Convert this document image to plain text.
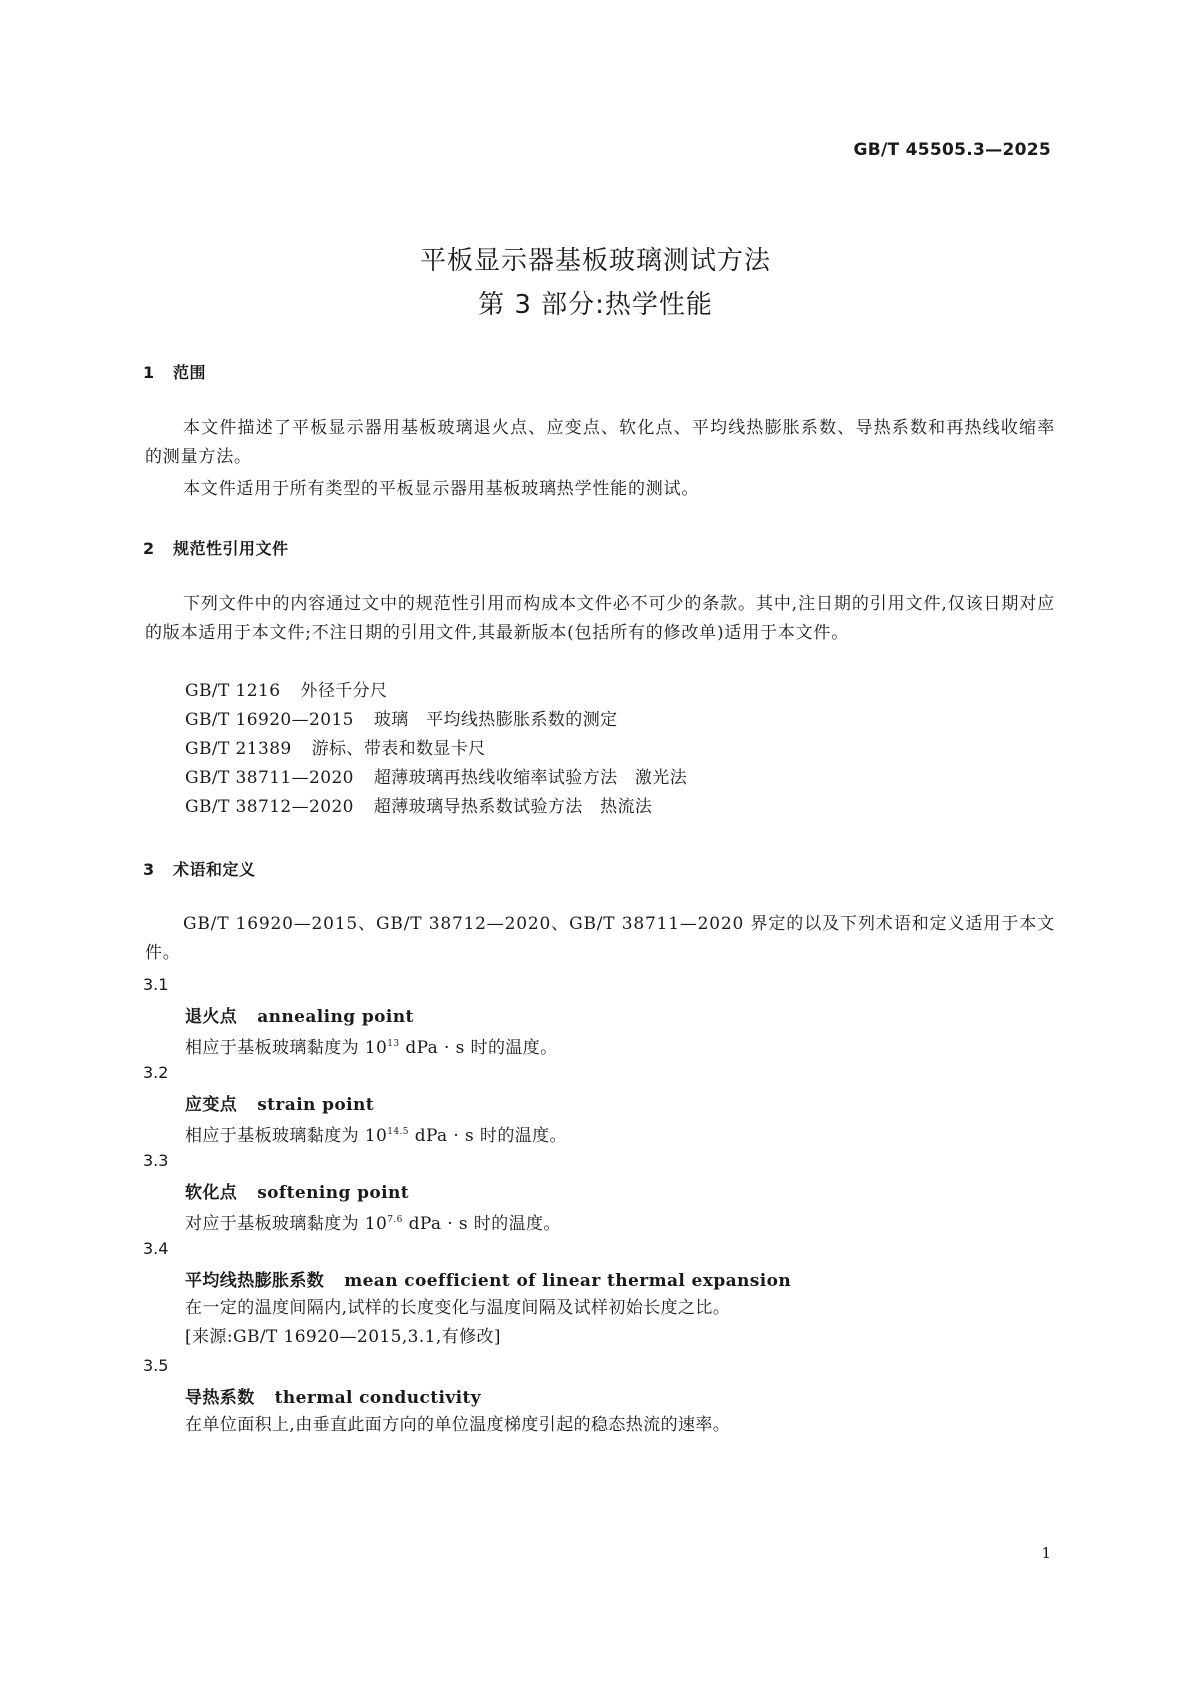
GB/T 45505.3—2025
平板显示器基板玻璃测试方法
第 3 部分:热学性能
1 范围
本文件描述了平板显示器用基板玻璃退火点、应变点、软化点、平均线热膨胀系数、导热系数和再热线收缩率的测量方法。
本文件适用于所有类型的平板显示器用基板玻璃热学性能的测试。
2 规范性引用文件
下列文件中的内容通过文中的规范性引用而构成本文件必不可少的条款。其中,注日期的引用文件,仅该日期对应的版本适用于本文件;不注日期的引用文件,其最新版本(包括所有的修改单)适用于本文件。
GB/T 1216 外径千分尺
GB/T 16920—2015 玻璃　平均线热膨胀系数的测定
GB/T 21389 游标、带表和数显卡尺
GB/T 38711—2020 超薄玻璃再热线收缩率试验方法　激光法
GB/T 38712—2020 超薄玻璃导热系数试验方法　热流法
3 术语和定义
GB/T 16920—2015、GB/T 38712—2020、GB/T 38711—2020 界定的以及下列术语和定义适用于本文件。
3.1
退火点 annealing point
相应于基板玻璃黏度为 $10^{13}$ dPa · s 时的温度。
3.2
应变点 strain point
相应于基板玻璃黏度为 $10^{14.5}$ dPa · s 时的温度。
3.3
软化点 softening point
对应于基板玻璃黏度为 $10^{7.6}$ dPa · s 时的温度。
3.4
平均线热膨胀系数 mean coefficient of linear thermal expansion
在一定的温度间隔内,试样的长度变化与温度间隔及试样初始长度之比。
[来源:GB/T 16920—2015,3.1,有修改]
3.5
导热系数 thermal conductivity
在单位面积上,由垂直此面方向的单位温度梯度引起的稳态热流的速率。
1
